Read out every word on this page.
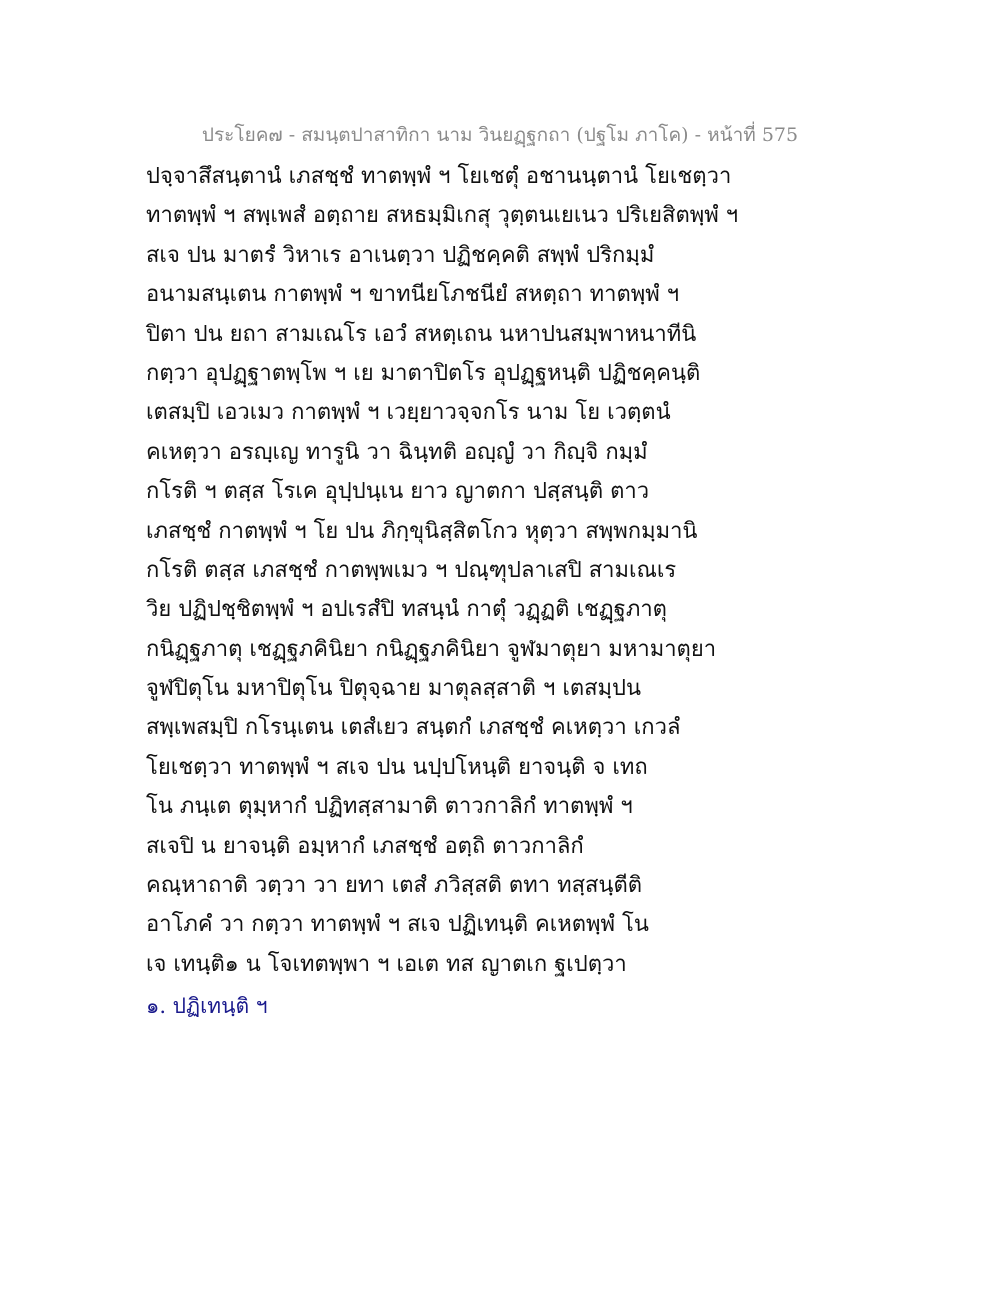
ประโยค๗ - สมนฺตปาสาทิกา นาม วินยฏฺฐกถา (ปฐโม ภาโค) - หน้าที่ 575
ปจฺจาสึสนฺตานํ เภสชฺชํ ทาตพฺพํ ฯ โยเชตุํ อชานนฺตานํ โยเชตฺวา
ทาตพฺพํ ฯ สพฺเพสํ อตฺถาย สหธมฺมิเกสุ วุตฺตนเยเนว ปริเยสิตพฺพํ ฯ
สเจ ปน มาตรํ วิหาเร อาเนตฺวา ปฏิชคฺคติ สพฺพํ ปริกมฺมํ
อนามสนฺเตน กาตพฺพํ ฯ ขาทนียโภชนียํ สหตฺถา ทาตพฺพํ ฯ
ปิตา ปน ยถา สามเณโร เอวํ สหตฺเถน นหาปนสมฺพาหนาทีนิ
กตฺวา อุปฏฺฐาตพฺโพ ฯ เย มาตาปิตโร อุปฏฺฐหนฺติ ปฏิชคฺคนฺติ
เตสมฺปิ เอวเมว กาตพฺพํ ฯ เวยฺยาวจฺจกโร นาม โย เวตฺตนํ
คเหตฺวา อรญฺเญ ทารูนิ วา ฉินฺทติ อญฺญํ วา กิญฺจิ กมฺมํ
กโรติ ฯ ตสฺส โรเค อุปฺปนฺเน ยาว ญาตกา ปสฺสนฺติ ตาว
เภสชฺชํ กาตพฺพํ ฯ โย ปน ภิกฺขุนิสฺสิตโกว หุตฺวา สพฺพกมฺมานิ
กโรติ ตสฺส เภสชฺชํ กาตพฺพเมว ฯ ปณฺฑุปลาเสปิ สามเณเร
วิย ปฏิปชฺชิตพฺพํ ฯ อปเรสํปิ ทสนฺนํ กาตุํ วฏฺฏติ เชฏฺฐภาตุ
กนิฏฺฐภาตุ เชฏฺฐภคินิยา กนิฏฺฐภคินิยา จูฬมาตุยา มหามาตุยา
จูฬปิตุโน มหาปิตุโน ปิตุจฺฉาย มาตุลสฺสาติ ฯ เตสมฺปน
สพฺเพสมฺปิ กโรนฺเตน เตสํเยว สนฺตกํ เภสชฺชํ คเหตฺวา เกวลํ
โยเชตฺวา ทาตพฺพํ ฯ สเจ ปน นปฺปโหนฺติ ยาจนฺติ จ เทถ
โน ภนฺเต ตุมฺหากํ ปฏิทสฺสามาติ ตาวกาลิกํ ทาตพฺพํ ฯ
สเจปิ น ยาจนฺติ อมฺหากํ เภสชฺชํ อตฺถิ ตาวกาลิกํ
คณฺหาถาติ วตฺวา วา ยทา เตสํ ภวิสฺสติ ตทา ทสฺสนฺตีติ
อาโภคํ วา กตฺวา ทาตพฺพํ ฯ สเจ ปฏิเทนฺติ คเหตพฺพํ โน
เจ เทนฺติ๑ น โจเทตพฺพา ฯ เอเต ทส ญาตเก ฐเปตฺวา
๑. ปฏิเทนฺติ ฯ
